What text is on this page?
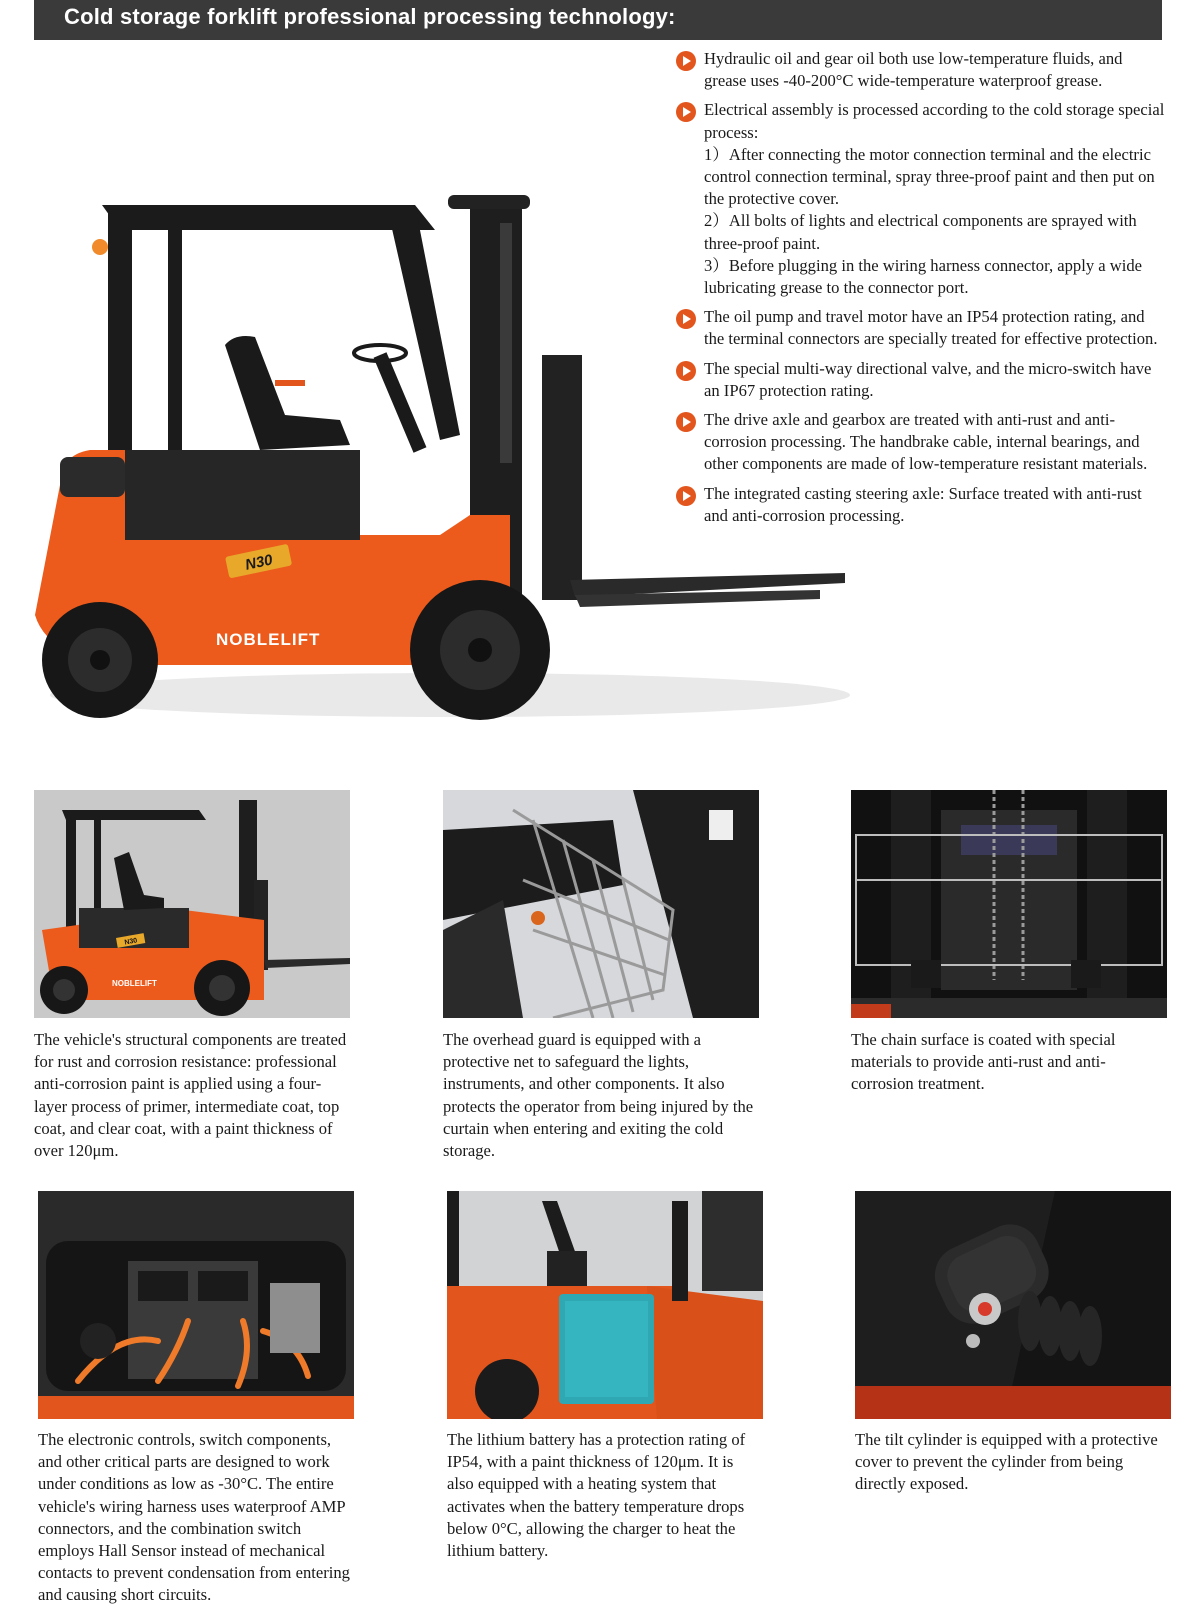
Cold storage forklift professional processing technology:
N30
NOBLELIFT
Hydraulic oil and gear oil both use low-temperature fluids, and grease uses -40-200°C wide-temperature waterproof grease.
Electrical assembly is processed according to the cold storage special process:
1）After connecting the motor connection terminal and the electric control connection terminal, spray three-proof paint and then put on the protective cover.
2）All bolts of lights and electrical components are sprayed with three-proof paint.
3）Before plugging in the wiring harness connector, apply a wide lubricating grease to the connector port.
The oil pump and travel motor have an IP54 protection rating, and the terminal connectors are specially treated for effective protection.
The special multi-way directional valve, and the micro-switch have an IP67 protection rating.
The drive axle and gearbox are treated with anti-rust and anti-corrosion processing. The handbrake cable, internal bearings, and other components are made of low-temperature resistant materials.
The integrated casting steering axle: Surface treated with anti-rust and anti-corrosion processing.
NOBLELIFT
N30

The vehicle's structural components are treated for rust and corrosion resistance: professional anti-corrosion paint is applied using a four-layer process of primer, intermediate coat, top coat, and clear coat, with a paint thickness of over 120μm.

The overhead guard is equipped with a protective net to safeguard the lights, instruments, and other components. It also protects the operator from being injured by the curtain when entering and exiting the cold storage.

The chain surface is coated with special materials to provide anti-rust and anti-corrosion treatment.

The electronic controls, switch components, and other critical parts are designed to work under conditions as low as -30°C. The entire vehicle's wiring harness uses waterproof AMP connectors, and the combination switch employs Hall Sensor instead of mechanical contacts to prevent condensation from entering and causing short circuits.

The lithium battery has a protection rating of IP54, with a paint thickness of 120μm. It is also equipped with a heating system that activates when the battery temperature drops below 0°C, allowing the charger to heat the lithium battery.

The tilt cylinder is equipped with a protective cover to prevent the cylinder from being directly exposed.
